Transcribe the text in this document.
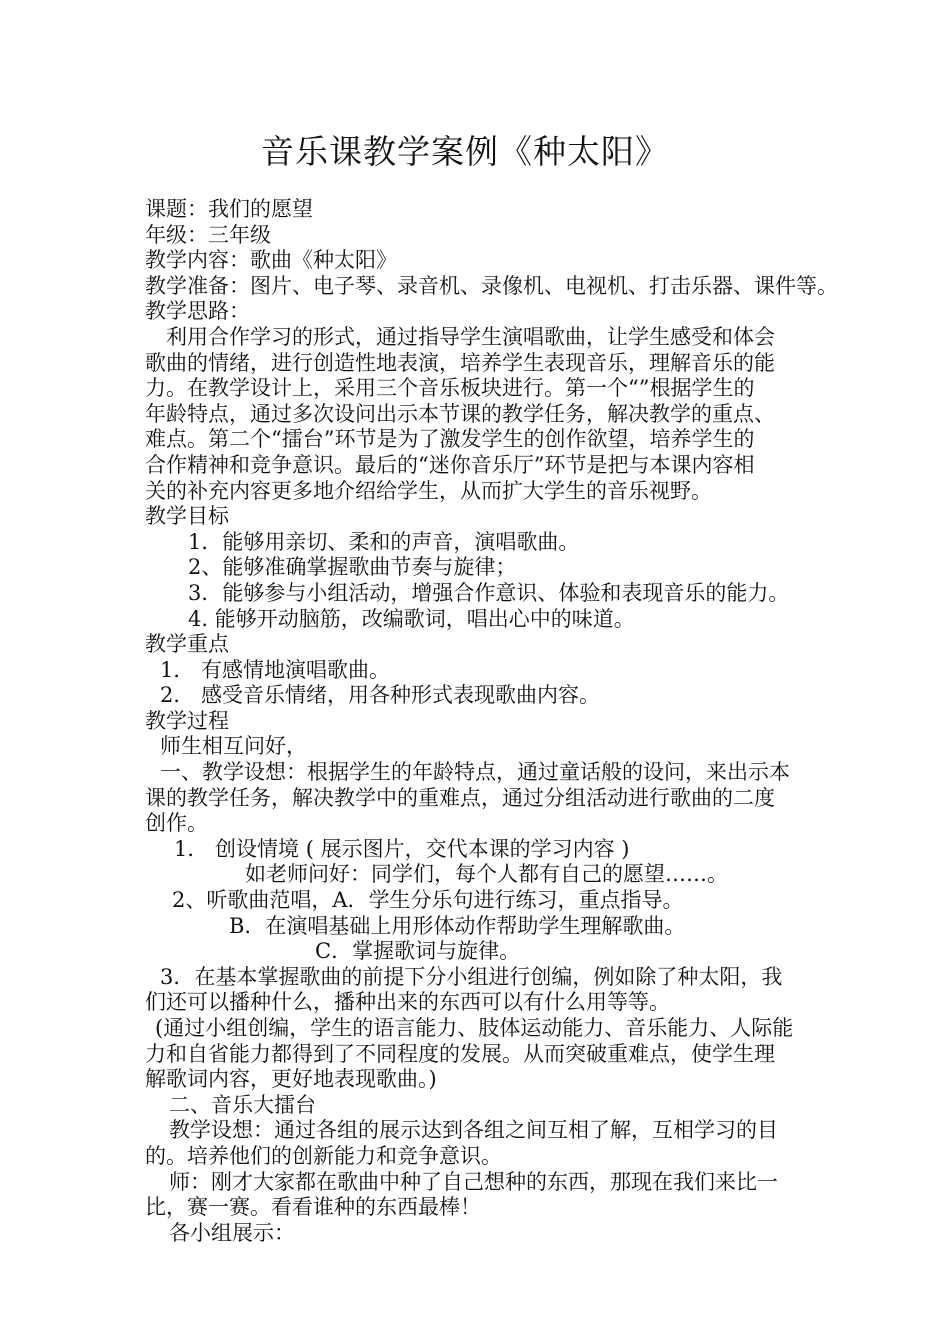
音乐课教学案例《种太阳》
课题：我们的愿望
年级：三年级
教学内容：歌曲《种太阳》
教学准备：图片、电子琴、录音机、录像机、电视机、打击乐器、课件等。
教学思路：
利用合作学习的形式，通过指导学生演唱歌曲，让学生感受和体会
歌曲的情绪，进行创造性地表演，培养学生表现音乐，理解音乐的能
力。在教学设计上，采用三个音乐板块进行。第一个“”根据学生的
年龄特点，通过多次设问出示本节课的教学任务，解决教学的重点、
难点。第二个“擂台”环节是为了激发学生的创作欲望，培养学生的
合作精神和竞争意识。最后的“迷你音乐厅”环节是把与本课内容相
关的补充内容更多地介绍给学生，从而扩大学生的音乐视野。
教学目标
1．能够用亲切、柔和的声音，演唱歌曲。
2、能够准确掌握歌曲节奏与旋律；
3．能够参与小组活动，增强合作意识、体验和表现音乐的能力。
4. 能够开动脑筋，改编歌词，唱出心中的味道。
教学重点
1． 有感情地演唱歌曲。
2． 感受音乐情绪，用各种形式表现歌曲内容。
教学过程
师生相互问好，
一、教学设想：根据学生的年龄特点，通过童话般的设问，来出示本
课的教学任务，解决教学中的重难点，通过分组活动进行歌曲的二度
创作。
1． 创设情境 ( 展示图片，交代本课的学习内容 )
如老师问好：同学们，每个人都有自己的愿望……。
2、听歌曲范唱，A．学生分乐句进行练习，重点指导。
B．在演唱基础上用形体动作帮助学生理解歌曲。
C．掌握歌词与旋律。
3．在基本掌握歌曲的前提下分小组进行创编，例如除了种太阳，我
们还可以播种什么，播种出来的东西可以有什么用等等。
(通过小组创编，学生的语言能力、肢体运动能力、音乐能力、人际能
力和自省能力都得到了不同程度的发展。从而突破重难点，使学生理
解歌词内容，更好地表现歌曲。)
二、音乐大擂台
教学设想：通过各组的展示达到各组之间互相了解，互相学习的目
的。培养他们的创新能力和竞争意识。
师：刚才大家都在歌曲中种了自己想种的东西，那现在我们来比一
比，赛一赛。看看谁种的东西最棒！
各小组展示：
